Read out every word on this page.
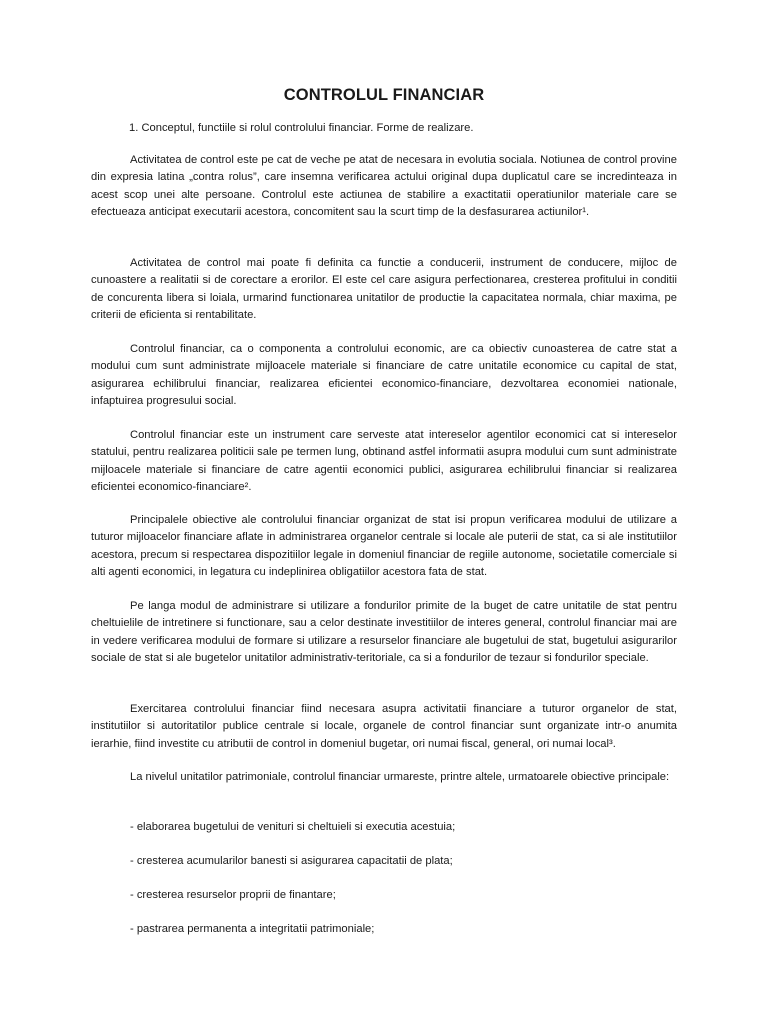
CONTROLUL FINANCIAR
1. Conceptul, functiile si rolul controlului financiar. Forme de realizare.

Activitatea de control este pe cat de veche pe atat de necesara in evolutia sociala. Notiunea de control provine din expresia latina „contra rolus”, care insemna verificarea actului original dupa duplicatul care se incredinteaza in acest scop unei alte persoane. Controlul este actiunea de stabilire a exactitatii operatiunilor materiale care se efectueaza anticipat executarii acestora, concomitent sau la scurt timp de la desfasurarea actiunilor¹.

Activitatea de control mai poate fi definita ca functie a conducerii, instrument de conducere, mijloc de cunoastere a realitatii si de corectare a erorilor. El este cel care asigura perfectionarea, cresterea profitului in conditii de concurenta libera si loiala, urmarind functionarea unitatilor de productie la capacitatea normala, chiar maxima, pe criterii de eficienta si rentabilitate.

Controlul financiar, ca o componenta a controlului economic, are ca obiectiv cunoasterea de catre stat a modului cum sunt administrate mijloacele materiale si financiare de catre unitatile economice cu capital de stat, asigurarea echilibrului financiar, realizarea eficientei economico-financiare, dezvoltarea economiei nationale, infaptuirea progresului social.

Controlul financiar este un instrument care serveste atat intereselor agentilor economici cat si intereselor statului, pentru realizarea politicii sale pe termen lung, obtinand astfel informatii asupra modului cum sunt administrate mijloacele materiale si financiare de catre agentii economici publici, asigurarea echilibrului financiar si realizarea eficientei economico-financiare².

Principalele obiective ale controlului financiar organizat de stat isi propun verificarea modului de utilizare a tuturor mijloacelor financiare aflate in administrarea organelor centrale si locale ale puterii de stat, ca si ale institutiilor acestora, precum si respectarea dispozitiilor legale in domeniul financiar de regiile autonome, societatile comerciale si alti agenti economici, in legatura cu indeplinirea obligatiilor acestora fata de stat.

Pe langa modul de administrare si utilizare a fondurilor primite de la buget de catre unitatile de stat pentru cheltuielile de intretinere si functionare, sau a celor destinate investitiilor de interes general, controlul financiar mai are in vedere verificarea modului de formare si utilizare a resurselor financiare ale bugetului de stat, bugetului asigurarilor sociale de stat si ale bugetelor unitatilor administrativ-teritoriale, ca si a fondurilor de tezaur si fondurilor speciale.

Exercitarea controlului financiar fiind necesara asupra activitatii financiare a tuturor organelor de stat, institutiilor si autoritatilor publice centrale si locale, organele de control financiar sunt organizate intr-o anumita ierarhie, fiind investite cu atributii de control in domeniul bugetar, ori numai fiscal, general, ori numai local³.

La nivelul unitatilor patrimoniale, controlul financiar urmareste, printre altele, urmatoarele obiective principale:

- elaborarea bugetului de venituri si cheltuieli si executia acestuia;

- cresterea acumularilor banesti si asigurarea capacitatii de plata;

- cresterea resurselor proprii de finantare;

- pastrarea permanenta a integritatii patrimoniale;
